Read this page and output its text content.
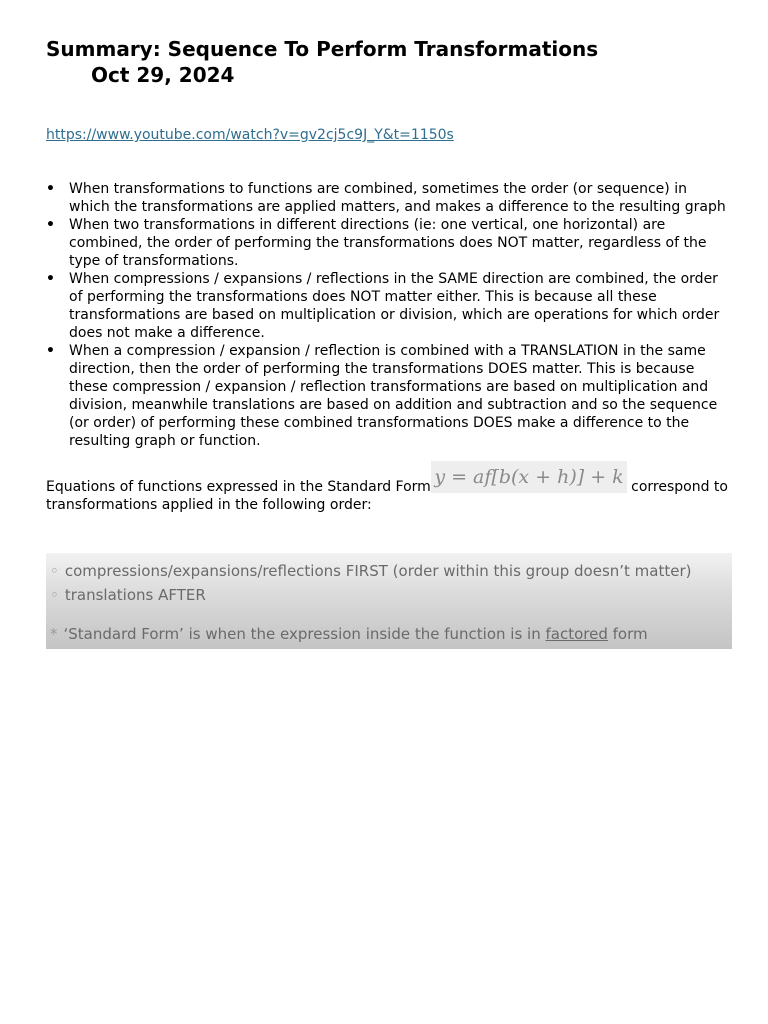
Summary: Sequence To Perform Transformations
Oct 29, 2024
https://www.youtube.com/watch?v=gv2cj5c9J_Y&t=1150s
• When transformations to functions are combined, sometimes the order (or sequence) in which the transformations are applied matters, and makes a difference to the resulting graph
• When two transformations in different directions (ie: one vertical, one horizontal) are combined, the order of performing the transformations does NOT matter, regardless of the type of transformations.
• When compressions / expansions / reflections in the SAME direction are combined, the order of performing the transformations does NOT matter either. This is because all these transformations are based on multiplication or division, which are operations for which order does not make a difference.
• When a compression / expansion / reflection is combined with a TRANSLATION in the same direction, then the order of performing the transformations DOES matter. This is because these compression / expansion / reflection transformations are based on multiplication and division, meanwhile translations are based on addition and subtraction and so the sequence (or order) of performing these combined transformations DOES make a difference to the resulting graph or function.
Equations of functions expressed in the Standard Form y = af[b(x + h)] + k correspond to

transformations applied in the following order:

◦ compressions/expansions/reflections FIRST (order within this group doesn’t matter)
◦ translations AFTER
* ‘Standard Form’ is when the expression inside the function is in factored form
